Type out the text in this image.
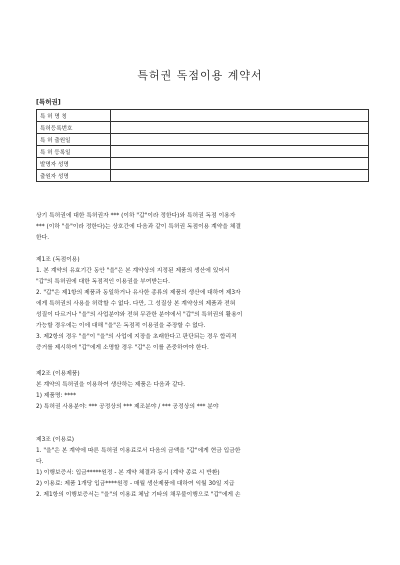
특허권 독점이용 계약서
[특허권]
특 허 명 칭	
특허등록번호	
특 허 출원일	
특 허 등록일	
발명자 성명	
출원자 성명	

상기 특허권에 대한 특허권자 *** (이하 "갑"이라 정한다)와 특허권 독점 이용자

*** (이하 "을"이라 정한다)는 상호간에 다음과 같이 특허권 독점이용 계약을 체결

한다.

제1조 (독점이용)

1. 본 계약의 유효기간 동안 "을"은 본 계약상의 지정된 제품의 생산에 있어서

"갑"의 특허권에 대한 독점적인 이용권을 부여받는다.

2. "갑"은 제1항의 제품과 동일하거나 유사한 종류의 제품의 생산에 대하여 제3자

에게 특허권의 사용을 허락할 수 없다. 다만, 그 성질상 본 계약상의 제품과 전혀

성질이 다르거나 "을"의 사업분야와 전혀 무관한 분야에서 "갑"의 특허권의 활용이

가능할 경우에는 이에 대해 "을"은 독점적 이용권을 주장할 수 없다.

3. 제2항의 경우 "을"이 "을"의 사업에 지장을 초래한다고 판단되는 경우 합리적

증거를 제시하여 "갑"에게 소명할 경우 "갑"은 이를 존중하여야 한다.

제2조 (이용제품)

본 계약의 특허권을 이용하여 생산하는 제품은 다음과 같다.

1) 제품명: ****

2) 특허권 사용분야: *** 공정상의 *** 제조분야 / *** 공정상의 *** 분야

제3조 (이용료)

1. "을"은 본 계약에 따른 특허권 이용료로서 다음의 금액을 "갑"에게 현금 입금한

다.

1) 이행보증서: 입금*****원정 - 본 계약 체결과 동시 (계약 종료 시 반환)

2) 이용료: 제품 1개당 입금****원정 - 매월 생산제품에 대하여 익월 30일 지급

2. 제1항의 이행보증서는 "을"의 이용료 체납 기타의 채무불이행으로 "갑"에게 손
